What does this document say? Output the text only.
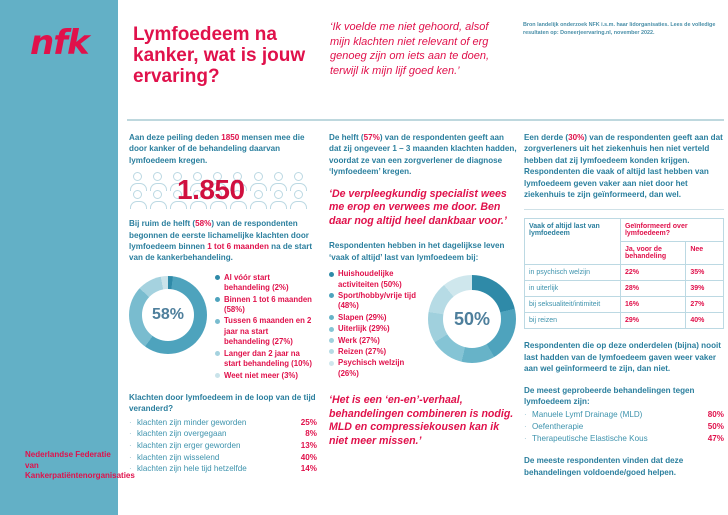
nfk
Nederlandse Federatie van Kankerpatiëntenorganisaties
Lymfoedeem na kanker, wat is jouw ervaring?
‘Ik voelde me niet gehoord, alsof mijn klachten niet relevant of erg genoeg zijn om iets aan te doen, terwijl ik mijn lijf goed ken.’
Bron landelijk onderzoek NFK i.s.m. haar lidorganisaties. Lees de volledige resultaten op: Doneerjeervaring.nl, november 2022.
Aan deze peiling deden 1850 mensen mee die door kanker of de behandeling daarvan lymfoedeem kregen.
1.850
Bij ruim de helft (58%) van de respondenten begonnen de eerste lichamelijke klachten door lymfoedeem binnen 1 tot 6 maanden na de start van de kankerbehandeling.
58%
Al vóór start behandeling (2%)
Binnen 1 tot 6 maanden (58%)
Tussen 6 maanden en 2 jaar na start behandeling (27%)
Langer dan 2 jaar na start behandeling (10%)
Weet niet meer (3%)
Klachten door lymfoedeem in de loop van de tijd veranderd?
· klachten zijn minder geworden	25%
· klachten zijn overgegaan	8%
· klachten zijn erger geworden	13%
· klachten zijn wisselend	40%
· klachten zijn hele tijd hetzelfde	14%
De helft (57%) van de respondenten geeft aan dat zij ongeveer 1 – 3 maanden klachten hadden, voordat ze van een zorgverlener de diagnose ‘lymfoedeem’ kregen.
‘De verpleegkundig specialist wees me erop en verwees me door. Ben daar nog altijd heel dankbaar voor.’
Respondenten hebben in het dagelijkse leven ‘vaak of altijd’ last van lymfoedeem bij:
Huishoudelijke activiteiten (50%)
Sport/hobby/vrije tijd (48%)
Slapen (29%)
Uiterlijk (29%)
Werk (27%)
Reizen (27%)
Psychisch welzijn (26%)
50%
‘Het is een ‘en-en’-verhaal, behandelingen combineren is nodig. MLD en compressiekousen kan ik niet meer missen.’
Een derde (30%) van de respondenten geeft aan dat zorgverleners uit het ziekenhuis hen niet verteld hebben dat zij lymfoedeem konden krijgen. Respondenten die vaak of altijd last hebben van lymfoedeem geven vaker aan niet door het ziekenhuis te zijn geïnformeerd, dan wel.
Vaak of altijd last van lymfoedeem	Geïnformeerd over lymfoedeem?	
	Ja, voor de behandeling	Nee
in psychisch welzijn	22%	35%
in uiterlijk	28%	39%
bij seksualiteit/intimiteit	16%	27%
bij reizen	29%	40%
Respondenten die op deze onderdelen (bijna) nooit last hadden van de lymfoedeem gaven weer vaker aan wel geïnformeerd te zijn, dan niet.
De meest geprobeerde behandelingen tegen lymfoedeem zijn:
· Manuele Lymf Drainage (MLD)	80%
· Oefentherapie	50%
· Therapeutische Elastische Kous	47%
De meeste respondenten vinden dat deze behandelingen voldoende/goed helpen.
